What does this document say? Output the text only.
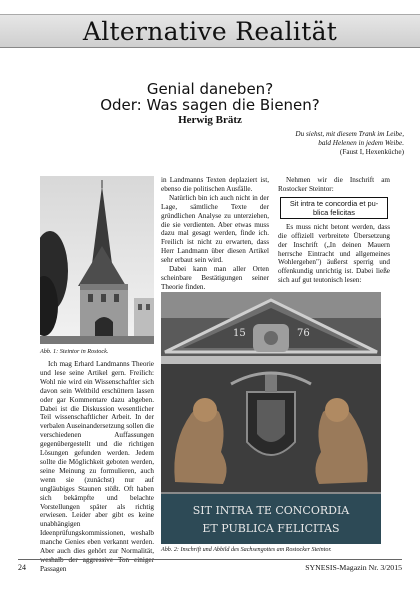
Alternative Realität
Genial daneben?
Oder: Was sagen die Bienen?
Herwig Brätz
Du siehst, mit diesem Trank im Leibe,
bald Helenen in jedem Weibe.
(Faust I, Hexenküche)
Abb. 1: Steintor in Rostock.

Ich mag Erhard Landmanns Theorie und lese seine Artikel gern. Freilich: Wohl nie wird ein Wissenschaftler sich davon sein Weltbild erschüttern lassen oder gar Kommentare dazu abgeben. Dabei ist die Diskussion wesentlicher Teil wissenschaftlicher Arbeit. In der verbalen Auseinandersetzung sollen die verschiedenen Auffassungen gegenübergestellt und die richtigen Lösungen gefunden werden. Jedem sollte die Möglichkeit geboten werden, seine Meinung zu formulieren, auch wenn sie (zunächst) nur auf ungläubiges Staunen stößt. Oft haben sich bekämpfte und belachte Vorstellungen später als richtig erwiesen. Leider aber gibt es keine unabhängigen Ideenprüfungskommissionen, weshalb manche Genies eben verkannt werden. Aber auch dies gehört zur Normalität, weshalb der aggressive Ton einiger Passagen

in Landmanns Texten deplaziert ist, ebenso die politischen Ausfälle.

Natürlich bin ich auch nicht in der Lage, sämtliche Texte der gründlichen Analyse zu unterziehen, die sie verdienten. Aber etwas muss dazu mal gesagt werden, finde ich. Freilich ist nicht zu erwarten, dass Herr Landmann über diesen Artikel sehr erbaut sein wird.

Dabei kann man aller Orten scheinbare Bestätigungen seiner Theorie finden.

Nehmen wir die Inschrift am Rostocker Steintor:

Sit intra te concordia et pu-
blica felicitas

Es muss nicht betont werden, dass die offiziell verbreitete Übersetzung der Inschrift („In deinen Mauern herrsche Eintracht und allgemeines Wohlergehen") äußerst sperrig und offenkundig unrichtig ist. Dabei ließe sich auf gut teutonisch lesen:

15	76
SIT INTRA TE CONCORDIA
ET PUBLICA FELICITAS
Abb. 2: Inschrift und Abbild des Sachsengottes am Rostocker Steintor.
24	SYNESIS-Magazin Nr. 3/2015
